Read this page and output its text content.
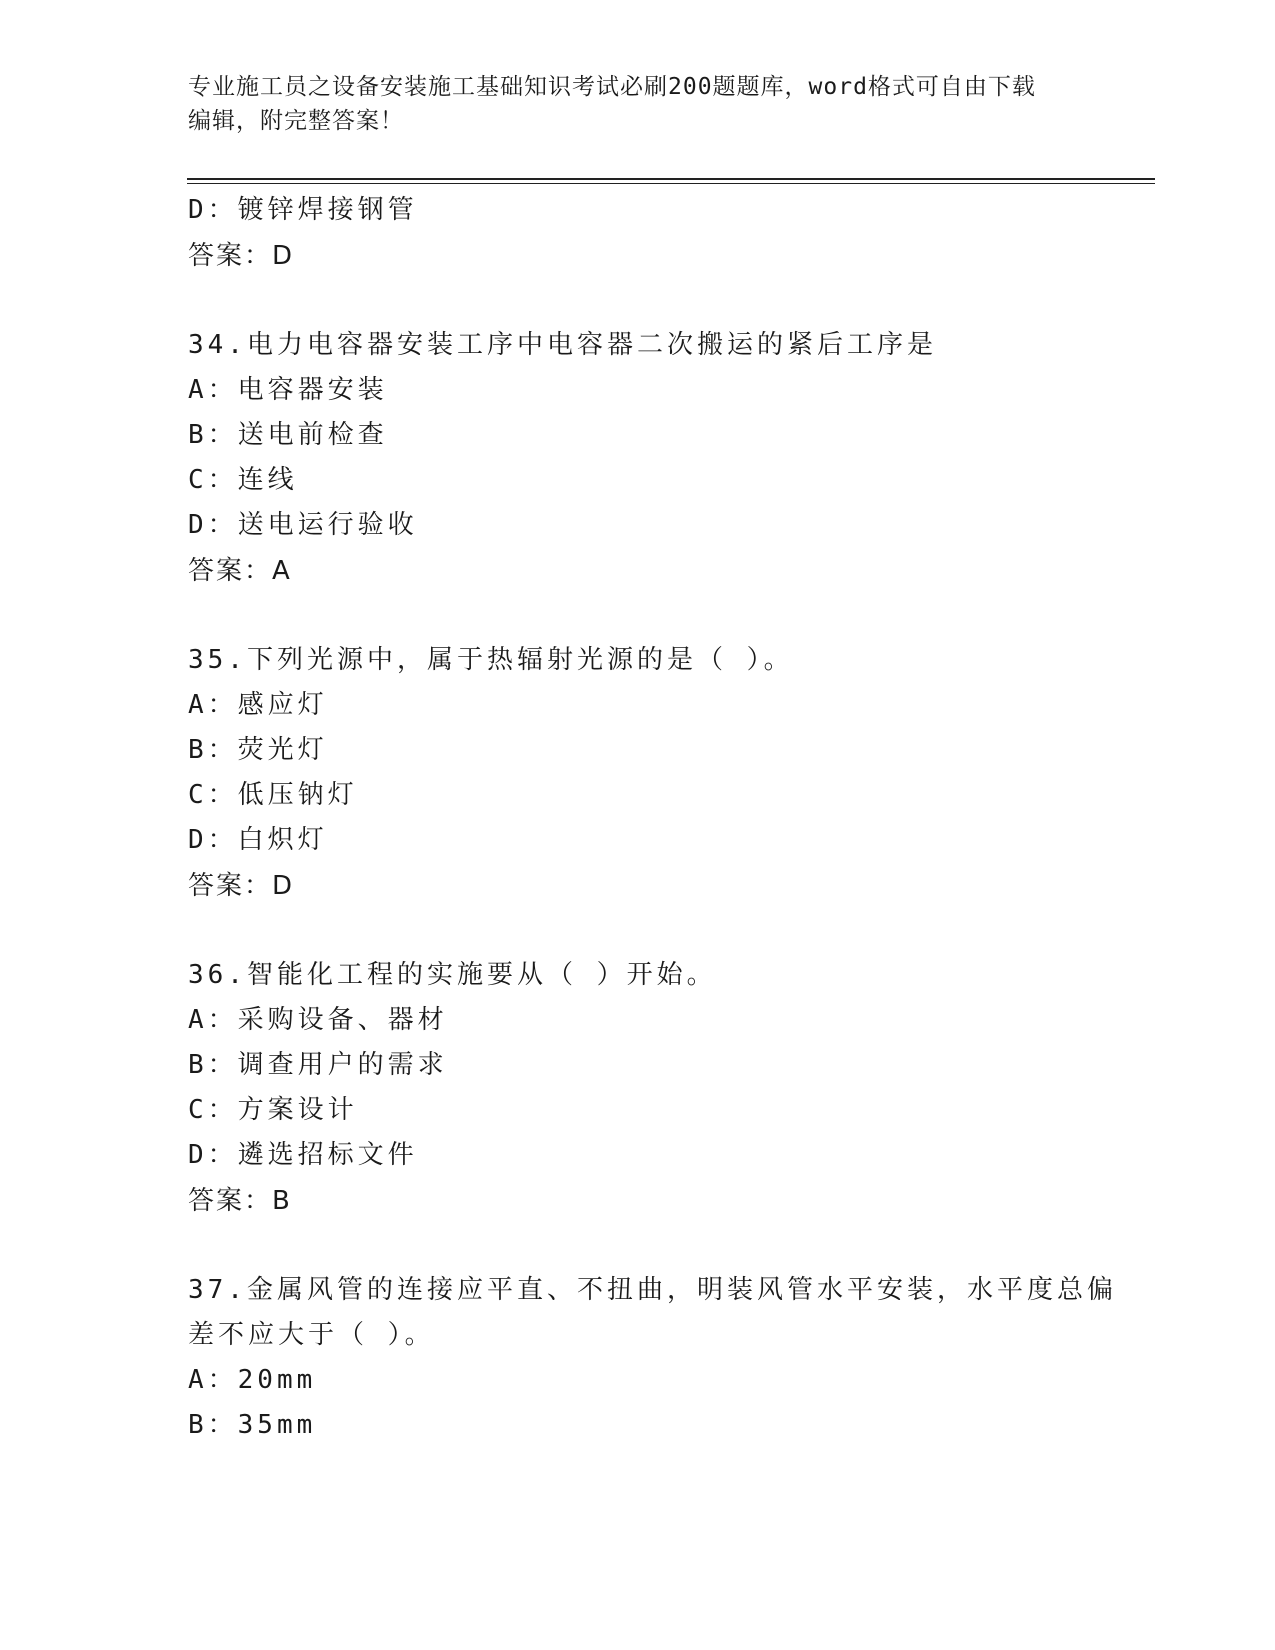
专业施工员之设备安装施工基础知识考试必刷200题题库，word格式可自由下载
编辑，附完整答案！
D：镀锌焊接钢管
答案：D
34.电力电容器安装工序中电容器二次搬运的紧后工序是
A：电容器安装
B：送电前检查
C：连线
D：送电运行验收
答案：A
35.下列光源中，属于热辐射光源的是（ ）。
A：感应灯
B：荧光灯
C：低压钠灯
D：白炽灯
答案：D
36.智能化工程的实施要从（ ）开始。
A：采购设备、器材
B：调查用户的需求
C：方案设计
D：遴选招标文件
答案：B
37.金属风管的连接应平直、不扭曲，明装风管水平安装，水平度总偏
差不应大于（ ）。
A：20mm
B：35mm
